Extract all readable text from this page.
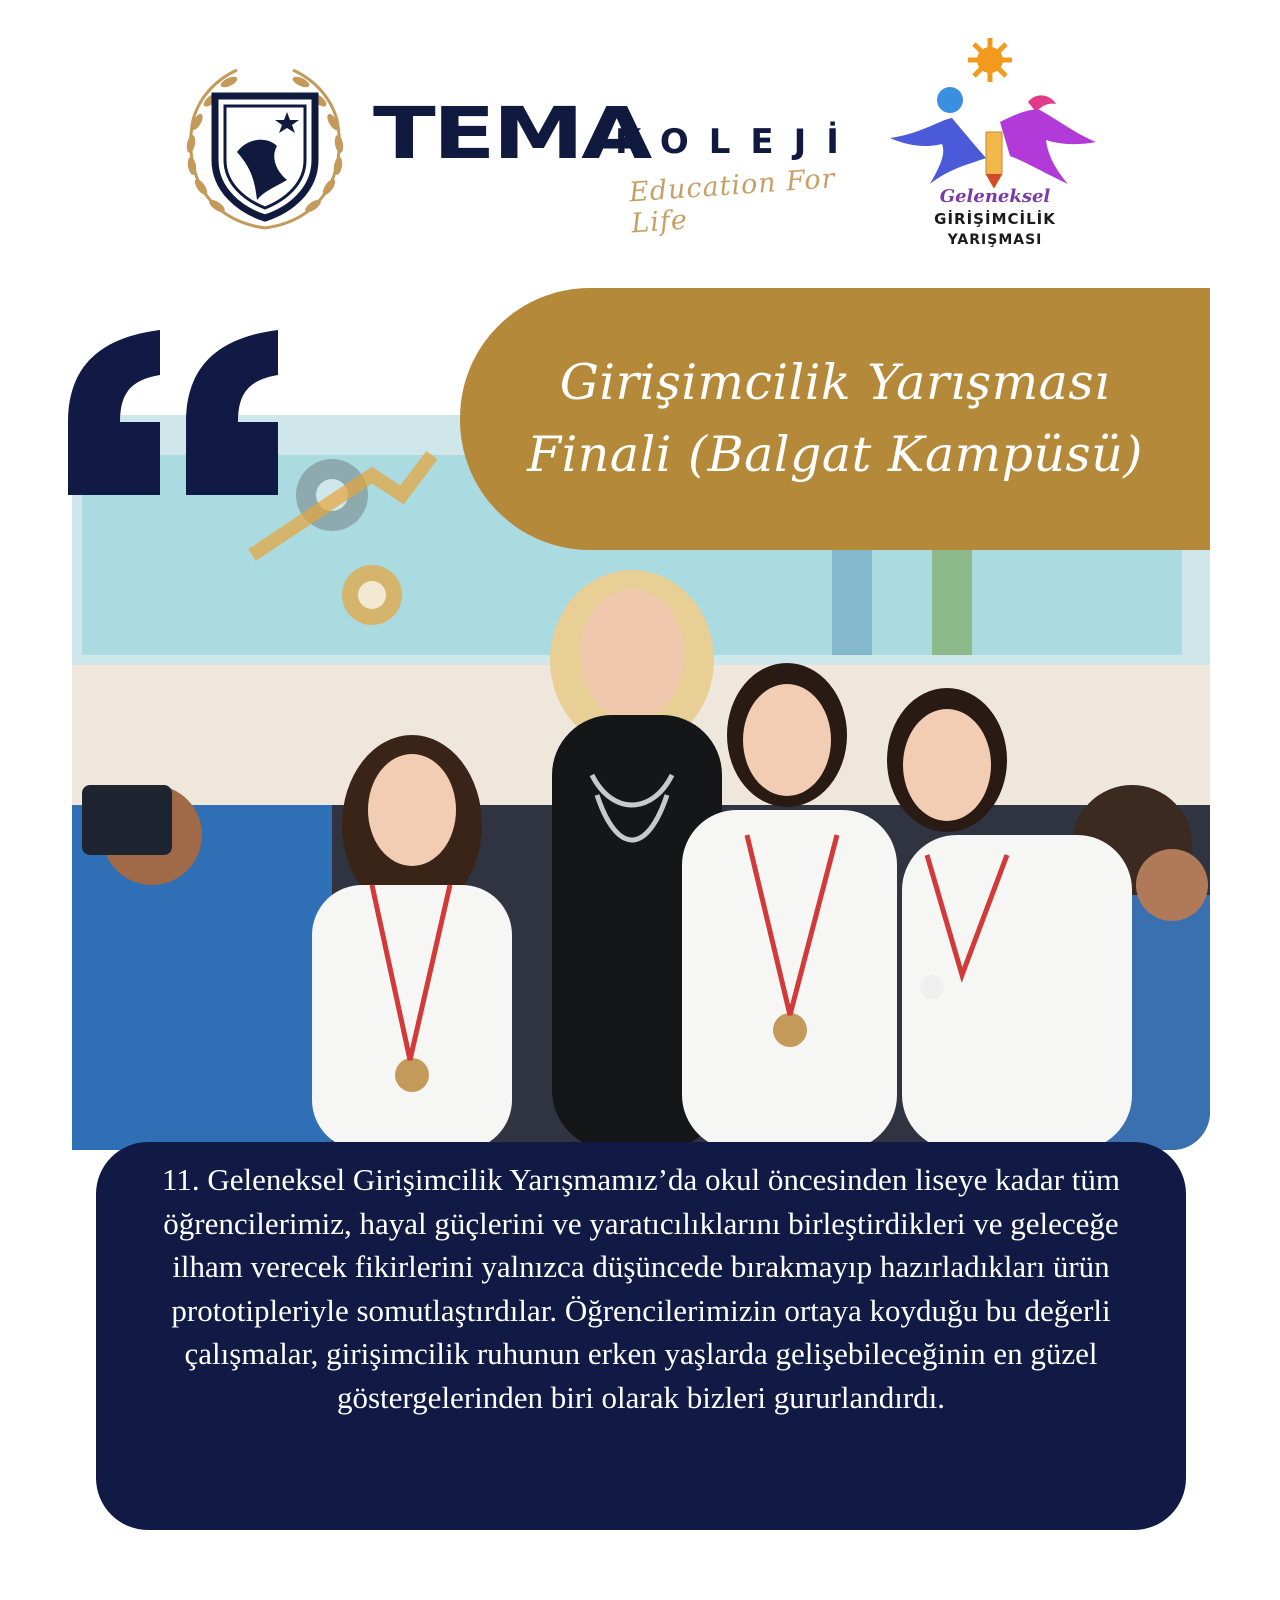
TEMA
KOLEJİ
Education For Life
Geleneksel
GİRİŞİMCİLİK
YARIŞMASI
Girişimcilik Yarışması
Finali (Balgat Kampüsü)

11. Geleneksel Girişimcilik Yarışmamız’da okul öncesinden liseye kadar tüm öğrencilerimiz, hayal güçlerini ve yaratıcılıklarını birleştirdikleri ve geleceğe ilham verecek fikirlerini yalnızca düşüncede bırakmayıp hazırladıkları ürün prototipleriyle somutlaştırdılar. Öğrencilerimizin ortaya koyduğu bu değerli çalışmalar, girişimcilik ruhunun erken yaşlarda gelişebileceğinin en güzel göstergelerinden biri olarak bizleri gururlandırdı.
